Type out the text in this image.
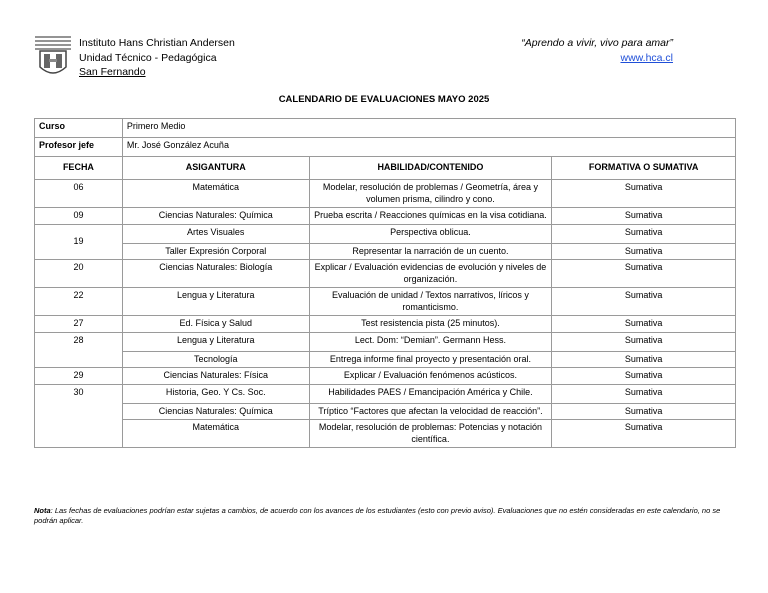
Instituto Hans Christian Andersen
Unidad Técnico - Pedagógica
San Fernando
“Aprendo a vivir, vivo para amar”
www.hca.cl
CALENDARIO DE EVALUACIONES MAYO 2025
Curso	Primero Medio		
Profesor jefe	Mr. José González Acuña		
FECHA	ASIGANTURA	HABILIDAD/CONTENIDO	FORMATIVA O SUMATIVA
06	Matemática	Modelar, resolución de problemas / Geometría, área y volumen prisma, cilindro y cono.	Sumativa
09	Ciencias Naturales: Química	Prueba escrita / Reacciones químicas en la visa cotidiana.	Sumativa
19	Artes Visuales	Perspectiva oblicua.	Sumativa
	Taller Expresión Corporal	Representar la narración de un cuento.	Sumativa
20	Ciencias Naturales: Biología	Explicar / Evaluación evidencias de evolución y niveles de organización.	Sumativa
22	Lengua y Literatura	Evaluación de unidad / Textos narrativos, líricos y romanticismo.	Sumativa
27	Ed. Física y Salud	Test resistencia pista (25 minutos).	Sumativa
28	Lengua y Literatura	Lect. Dom: “Demian”. Germann Hess.	Sumativa
	Tecnología	Entrega informe final proyecto y presentación oral.	Sumativa
29	Ciencias Naturales: Física	Explicar / Evaluación fenómenos acústicos.	Sumativa
30	Historia, Geo. Y Cs. Soc.	Habilidades PAES / Emancipación América y Chile.	Sumativa
	Ciencias Naturales: Química	Tríptico “Factores que afectan la velocidad de reacción”.	Sumativa
	Matemática	Modelar, resolución de problemas: Potencias y notación científica.	Sumativa
Nota: Las fechas de evaluaciones podrían estar sujetas a cambios, de acuerdo con los avances de los estudiantes (esto con previo aviso). Evaluaciones que no estén consideradas en este calendario, no se podrán aplicar.
